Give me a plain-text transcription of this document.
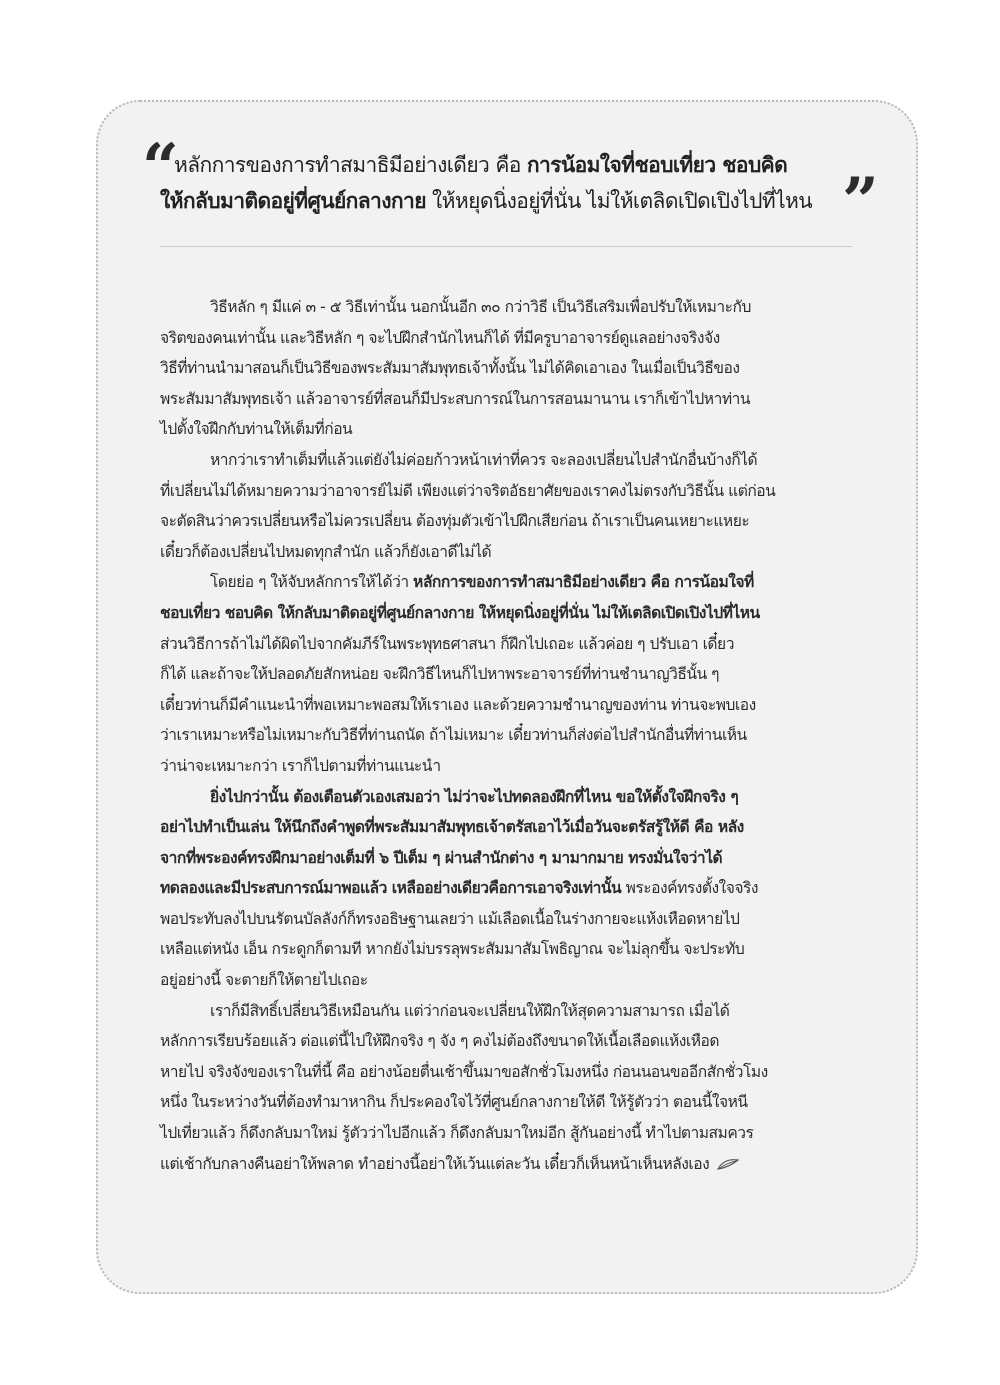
“
หลักการของการทำสมาธิมีอย่างเดียว คือ การน้อมใจที่ชอบเที่ยว ชอบคิด
ให้กลับมาติดอยู่ที่ศูนย์กลางกาย ให้หยุดนิ่งอยู่ที่นั่น ไม่ให้เตลิดเปิดเปิงไปที่ไหน ”
วิธีหลัก ๆ มีแค่ ๓ - ๕ วิธีเท่านั้น นอกนั้นอีก ๓๐ กว่าวิธี เป็นวิธีเสริมเพื่อปรับให้เหมาะกับ
จริตของคนเท่านั้น และวิธีหลัก ๆ จะไปฝึกสำนักไหนก็ได้ ที่มีครูบาอาจารย์ดูแลอย่างจริงจัง
วิธีที่ท่านนำมาสอนก็เป็นวิธีของพระสัมมาสัมพุทธเจ้าทั้งนั้น ไม่ได้คิดเอาเอง ในเมื่อเป็นวิธีของ
พระสัมมาสัมพุทธเจ้า แล้วอาจารย์ที่สอนก็มีประสบการณ์ในการสอนมานาน เราก็เข้าไปหาท่าน
ไปตั้งใจฝึกกับท่านให้เต็มที่ก่อน
หากว่าเราทำเต็มที่แล้วแต่ยังไม่ค่อยก้าวหน้าเท่าที่ควร จะลองเปลี่ยนไปสำนักอื่นบ้างก็ได้
ที่เปลี่ยนไม่ได้หมายความว่าอาจารย์ไม่ดี เพียงแต่ว่าจริตอัธยาศัยของเราคงไม่ตรงกับวิธีนั้น แต่ก่อน
จะตัดสินว่าควรเปลี่ยนหรือไม่ควรเปลี่ยน ต้องทุ่มตัวเข้าไปฝึกเสียก่อน ถ้าเราเป็นคนเหยาะแหยะ
เดี๋ยวก็ต้องเปลี่ยนไปหมดทุกสำนัก แล้วก็ยังเอาดีไม่ได้
โดยย่อ ๆ ให้จับหลักการให้ได้ว่า หลักการของการทำสมาธิมีอย่างเดียว คือ การน้อมใจที่
ชอบเที่ยว ชอบคิด ให้กลับมาติดอยู่ที่ศูนย์กลางกาย ให้หยุดนิ่งอยู่ที่นั่น ไม่ให้เตลิดเปิดเปิงไปที่ไหน
ส่วนวิธีการถ้าไม่ได้ผิดไปจากคัมภีร์ในพระพุทธศาสนา ก็ฝึกไปเถอะ แล้วค่อย ๆ ปรับเอา เดี๋ยว
ก็ได้ และถ้าจะให้ปลอดภัยสักหน่อย จะฝึกวิธีไหนก็ไปหาพระอาจารย์ที่ท่านชำนาญวิธีนั้น ๆ
เดี๋ยวท่านก็มีคำแนะนำที่พอเหมาะพอสมให้เราเอง และด้วยความชำนาญของท่าน ท่านจะพบเอง
ว่าเราเหมาะหรือไม่เหมาะกับวิธีที่ท่านถนัด ถ้าไม่เหมาะ เดี๋ยวท่านก็ส่งต่อไปสำนักอื่นที่ท่านเห็น
ว่าน่าจะเหมาะกว่า เราก็ไปตามที่ท่านแนะนำ
ยิ่งไปกว่านั้น ต้องเตือนตัวเองเสมอว่า ไม่ว่าจะไปทดลองฝึกที่ไหน ขอให้ตั้งใจฝึกจริง ๆ
อย่าไปทำเป็นเล่น ให้นึกถึงคำพูดที่พระสัมมาสัมพุทธเจ้าตรัสเอาไว้เมื่อวันจะตรัสรู้ให้ดี คือ หลัง
จากที่พระองค์ทรงฝึกมาอย่างเต็มที่ ๖ ปีเต็ม ๆ ผ่านสำนักต่าง ๆ มามากมาย ทรงมั่นใจว่าได้
ทดลองและมีประสบการณ์มาพอแล้ว เหลืออย่างเดียวคือการเอาจริงเท่านั้น พระองค์ทรงตั้งใจจริง
พอประทับลงไปบนรัตนบัลลังก์ก็ทรงอธิษฐานเลยว่า แม้เลือดเนื้อในร่างกายจะแห้งเหือดหายไป
เหลือแต่หนัง เอ็น กระดูกก็ตามที หากยังไม่บรรลุพระสัมมาสัมโพธิญาณ จะไม่ลุกขึ้น จะประทับ
อยู่อย่างนี้ จะตายก็ให้ตายไปเถอะ
เราก็มีสิทธิ์เปลี่ยนวิธีเหมือนกัน แต่ว่าก่อนจะเปลี่ยนให้ฝึกให้สุดความสามารถ เมื่อได้
หลักการเรียบร้อยแล้ว ต่อแต่นี้ไปให้ฝึกจริง ๆ จัง ๆ คงไม่ต้องถึงขนาดให้เนื้อเลือดแห้งเหือด
หายไป จริงจังของเราในที่นี้ คือ อย่างน้อยตื่นเช้าขึ้นมาขอสักชั่วโมงหนึ่ง ก่อนนอนขออีกสักชั่วโมง
หนึ่ง ในระหว่างวันที่ต้องทำมาหากิน ก็ประคองใจไว้ที่ศูนย์กลางกายให้ดี ให้รู้ตัวว่า ตอนนี้ใจหนี
ไปเที่ยวแล้ว ก็ดึงกลับมาใหม่ รู้ตัวว่าไปอีกแล้ว ก็ดึงกลับมาใหม่อีก สู้กันอย่างนี้ ทำไปตามสมควร
แต่เช้ากับกลางคืนอย่าให้พลาด ทำอย่างนี้อย่าให้เว้นแต่ละวัน เดี๋ยวก็เห็นหน้าเห็นหลังเอง
